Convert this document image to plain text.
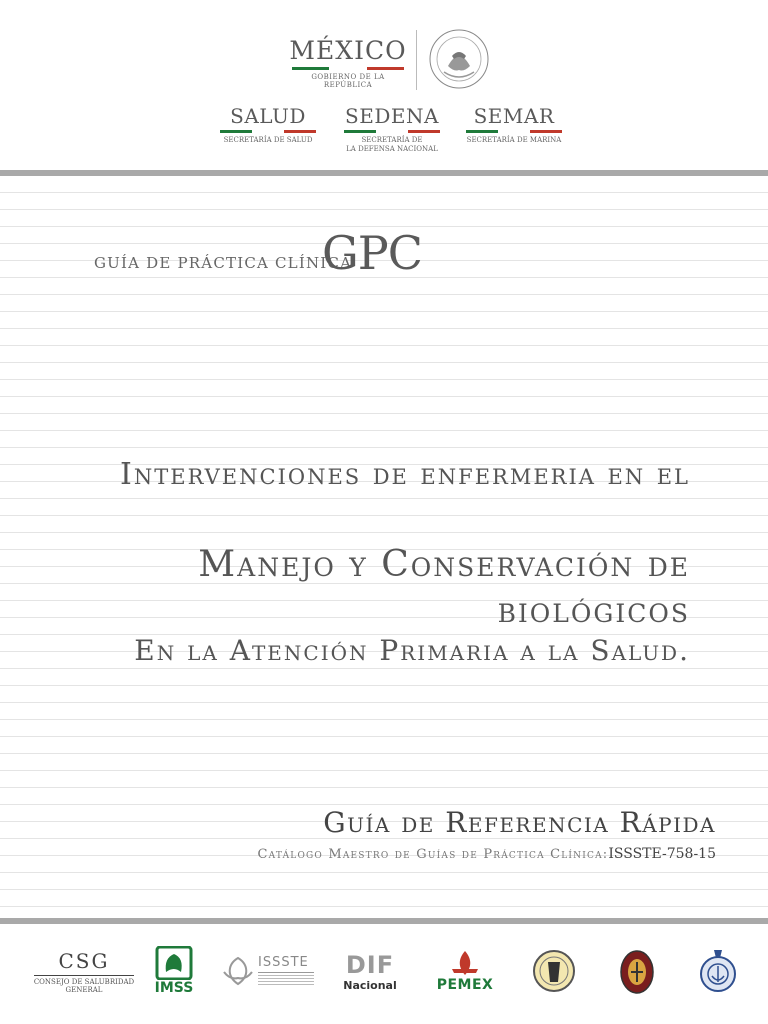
MÉXICO
GOBIERNO DE LA REPÚBLICA
SALUD
SECRETARÍA DE SALUD
SEDENA
SECRETARÍA DE
LA DEFENSA NACIONAL
SEMAR
SECRETARÍA DE MARINA
GUÍA DE PRÁCTICA CLÍNICA
GPC
Intervenciones de enfermeria en el
Manejo y Conservación de biológicos
En la Atención Primaria a la Salud.
Guía de Referencia Rápida
Catálogo Maestro de Guías de Práctica Clínica:ISSSTE-758-15
CSG
CONSEJO DE SALUBRIDAD
GENERAL	IMSS
ISSSTE DIF
Nacional	PEMEX
